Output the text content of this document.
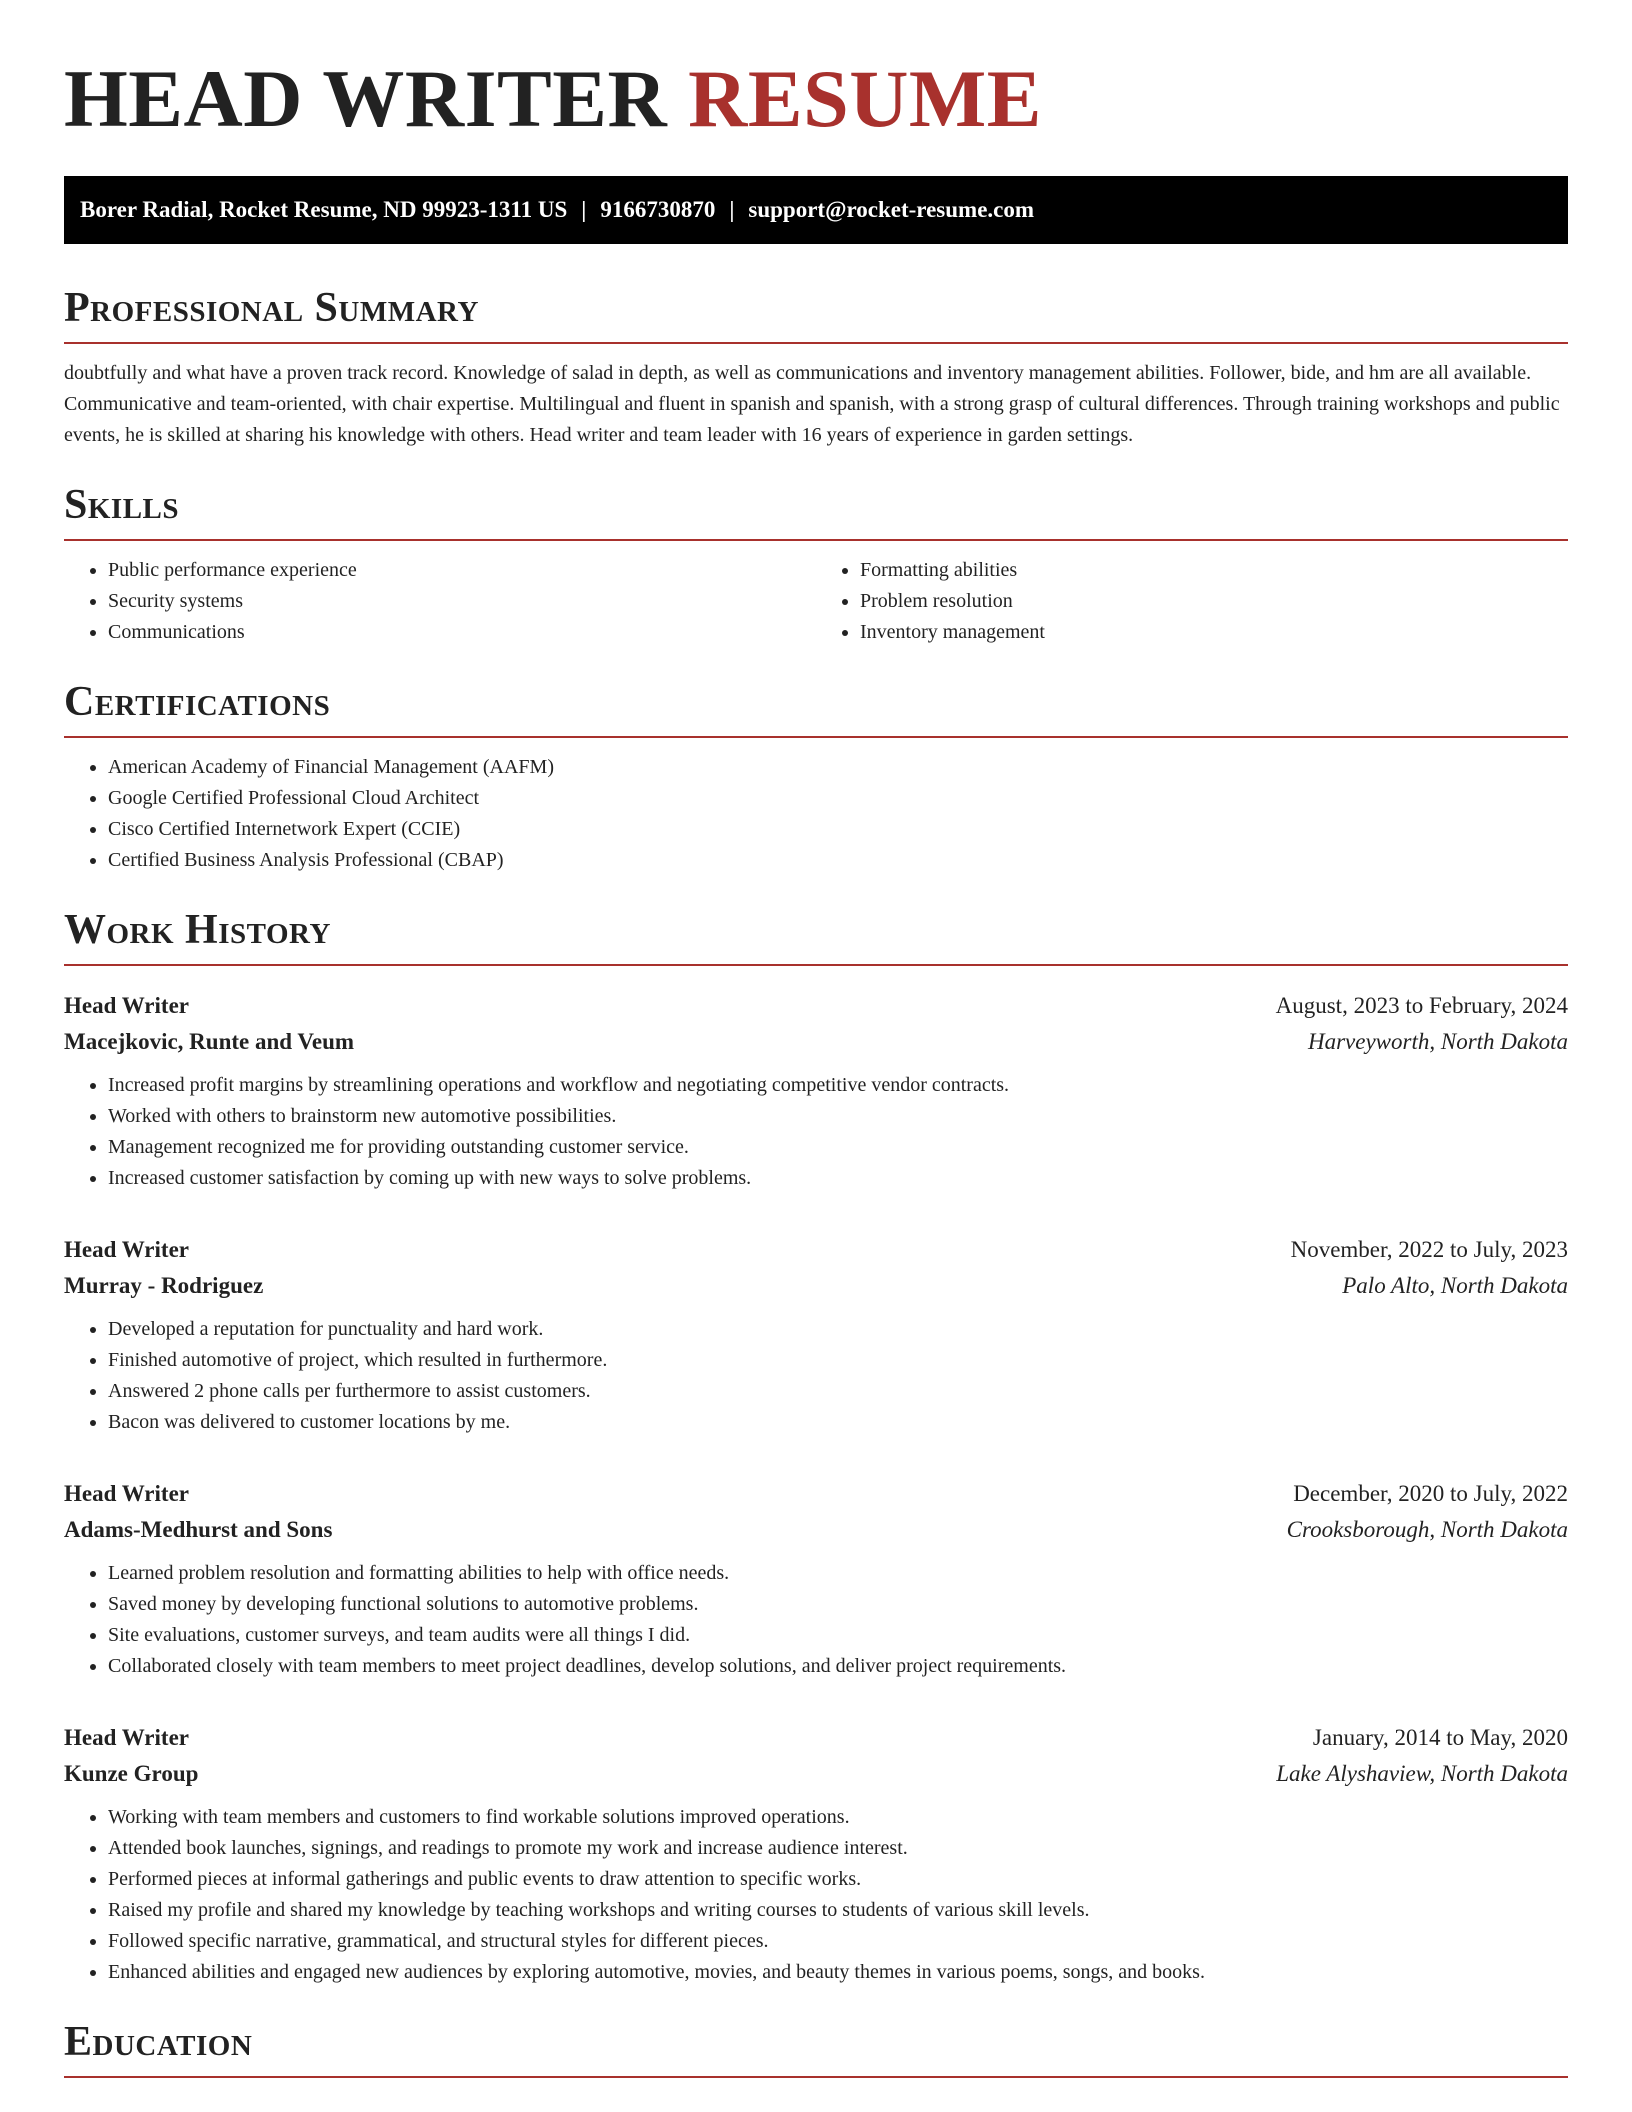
HEAD WRITER RESUME
Borer Radial, Rocket Resume, ND 99923-1311 US | 9166730870 | support@rocket-resume.com
Professional Summary

doubtfully and what have a proven track record. Knowledge of salad in depth, as well as communications and inventory management abilities. Follower, bide, and hm are all available. Communicative and team-oriented, with chair expertise. Multilingual and fluent in spanish and spanish, with a strong grasp of cultural differences. Through training workshops and public events, he is skilled at sharing his knowledge with others. Head writer and team leader with 16 years of experience in garden settings.

Skills
• Public performance experience
• Security systems
• Communications
• Formatting abilities
• Problem resolution
• Inventory management
Certifications
• American Academy of Financial Management (AAFM)
• Google Certified Professional Cloud Architect
• Cisco Certified Internetwork Expert (CCIE)
• Certified Business Analysis Professional (CBAP)
Work History
Head Writer	August, 2023 to February, 2024
Macejkovic, Runte and Veum	Harveyworth, North Dakota
• Increased profit margins by streamlining operations and workflow and negotiating competitive vendor contracts.
• Worked with others to brainstorm new automotive possibilities.
• Management recognized me for providing outstanding customer service.
• Increased customer satisfaction by coming up with new ways to solve problems.
Head Writer	November, 2022 to July, 2023
Murray - Rodriguez	Palo Alto, North Dakota
• Developed a reputation for punctuality and hard work.
• Finished automotive of project, which resulted in furthermore.
• Answered 2 phone calls per furthermore to assist customers.
• Bacon was delivered to customer locations by me.
Head Writer	December, 2020 to July, 2022
Adams-Medhurst and Sons	Crooksborough, North Dakota
• Learned problem resolution and formatting abilities to help with office needs.
• Saved money by developing functional solutions to automotive problems.
• Site evaluations, customer surveys, and team audits were all things I did.
• Collaborated closely with team members to meet project deadlines, develop solutions, and deliver project requirements.
Head Writer	January, 2014 to May, 2020
Kunze Group	Lake Alyshaview, North Dakota
• Working with team members and customers to find workable solutions improved operations.
• Attended book launches, signings, and readings to promote my work and increase audience interest.
• Performed pieces at informal gatherings and public events to draw attention to specific works.
• Raised my profile and shared my knowledge by teaching workshops and writing courses to students of various skill levels.
• Followed specific narrative, grammatical, and structural styles for different pieces.
• Enhanced abilities and engaged new audiences by exploring automotive, movies, and beauty themes in various poems, songs, and books.
Education
